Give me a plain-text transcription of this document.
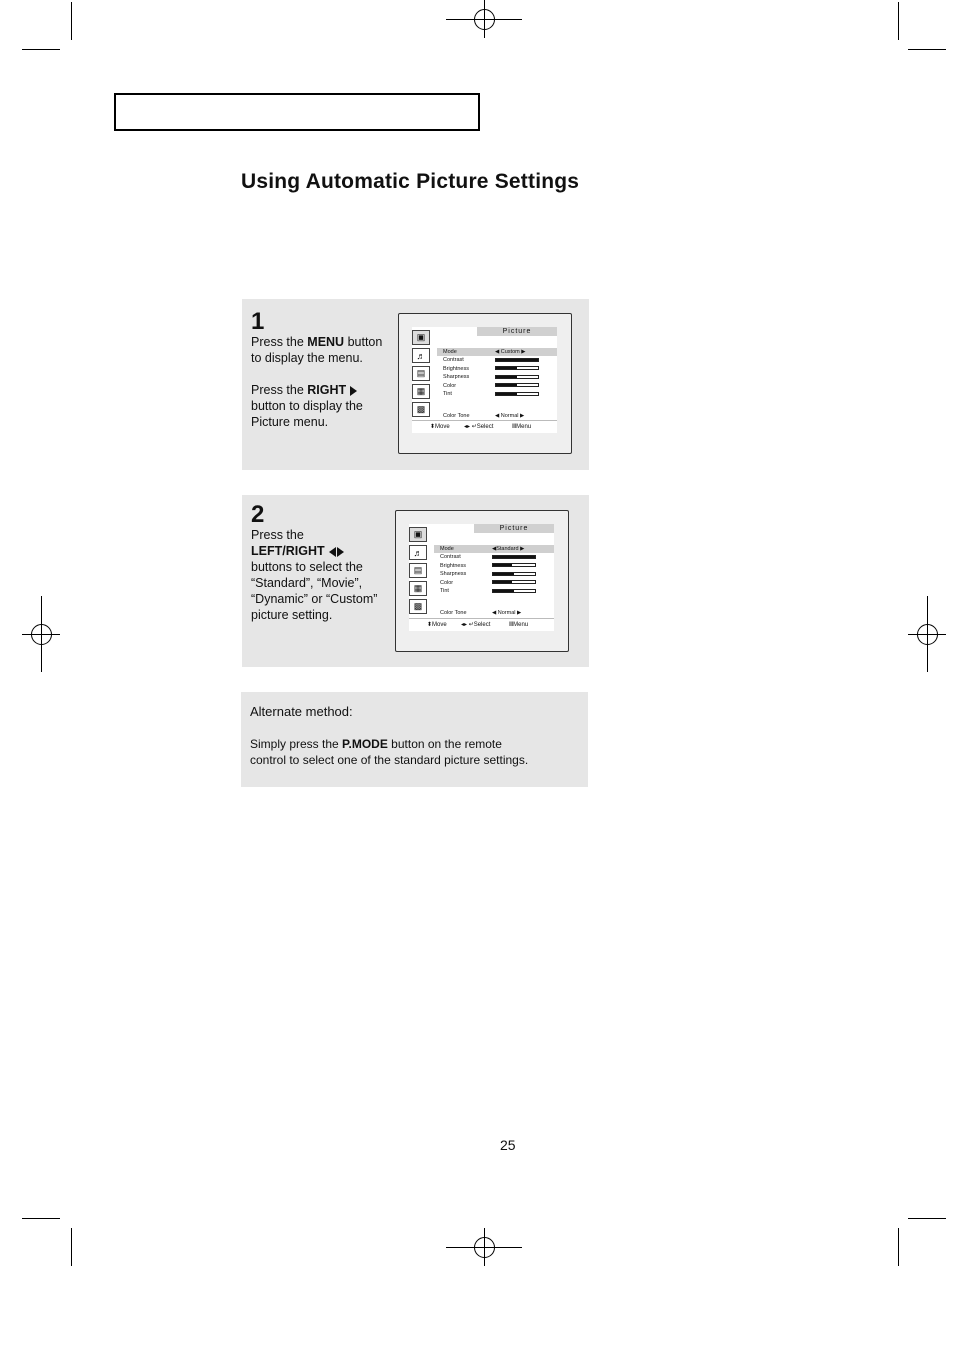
Using Automatic Picture Settings
1
Press the MENU button
to display the menu.
Press the RIGHT
button to display the
Picture menu.
▣
♬
▤
▦
▩
Picture
Mode	◀ Custom ▶
Contrast
Brightness
Sharpness
Color
Tint
Color Tone	◀ Normal ▶
⬍ Move ◂▸ ↵ Select	Ⅲ Menu
2
Press the
LEFT/RIGHT
buttons to select the
“Standard”, “Movie”,
“Dynamic” or “Custom”
picture setting.
▣
♬
▤
▦
▩
Picture
Mode	◀Standard ▶
Contrast
Brightness
Sharpness
Color
Tint
Color Tone	◀ Normal ▶
⬍ Move ◂▸ ↵ Select	Ⅲ Menu
Alternate method:
Simply press the P.MODE button on the remote
control to select one of the standard picture settings.
25
